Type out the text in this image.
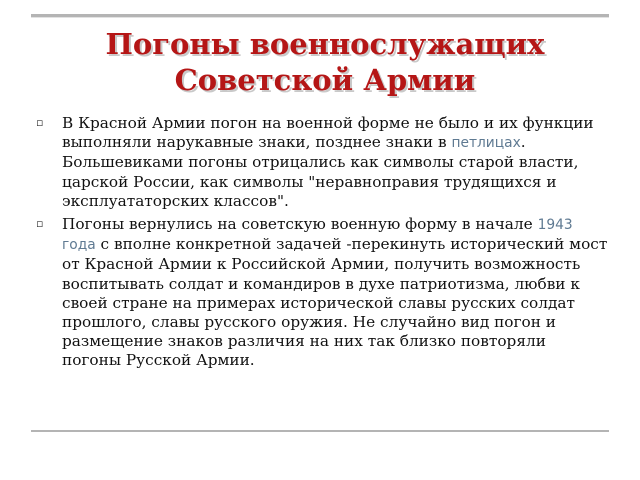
Погоны военнослужащих
Советской Армии
▫ В Красной Армии погон на военной форме не было и их функции выполняли нарукавные знаки, позднее знаки в петлицах. Большевиками погоны отрицались как символы старой власти, царской России, как символы "неравноправия трудящихся и эксплуататорских классов".
▫ Погоны вернулись на советскую военную форму в начале 1943 года с вполне конкретной задачей -перекинуть исторический мост от Красной Армии к Российской Армии, получить возможность воспитывать солдат и командиров в духе патриотизма, любви к своей стране на примерах исторической славы русских солдат прошлого, славы русского оружия. Не случайно вид погон и размещение знаков различия на них так близко повторяли погоны Русской Армии.
